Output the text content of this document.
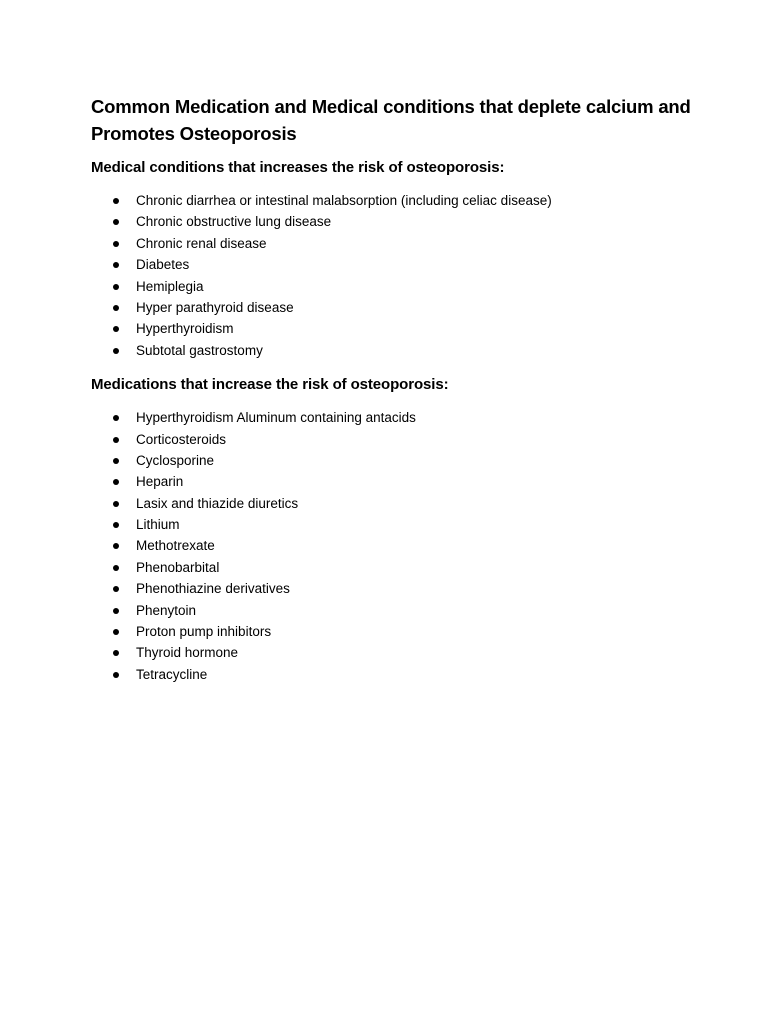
Common Medication and Medical conditions that deplete calcium and Promotes Osteoporosis
Medical conditions that increases the risk of osteoporosis:
Chronic diarrhea or intestinal malabsorption (including celiac disease)
Chronic obstructive lung disease
Chronic renal disease
Diabetes
Hemiplegia
Hyper parathyroid disease
Hyperthyroidism
Subtotal gastrostomy
Medications that increase the risk of osteoporosis:
Hyperthyroidism Aluminum containing antacids
Corticosteroids
Cyclosporine
Heparin
Lasix and thiazide diuretics
Lithium
Methotrexate
Phenobarbital
Phenothiazine derivatives
Phenytoin
Proton pump inhibitors
Thyroid hormone
Tetracycline
